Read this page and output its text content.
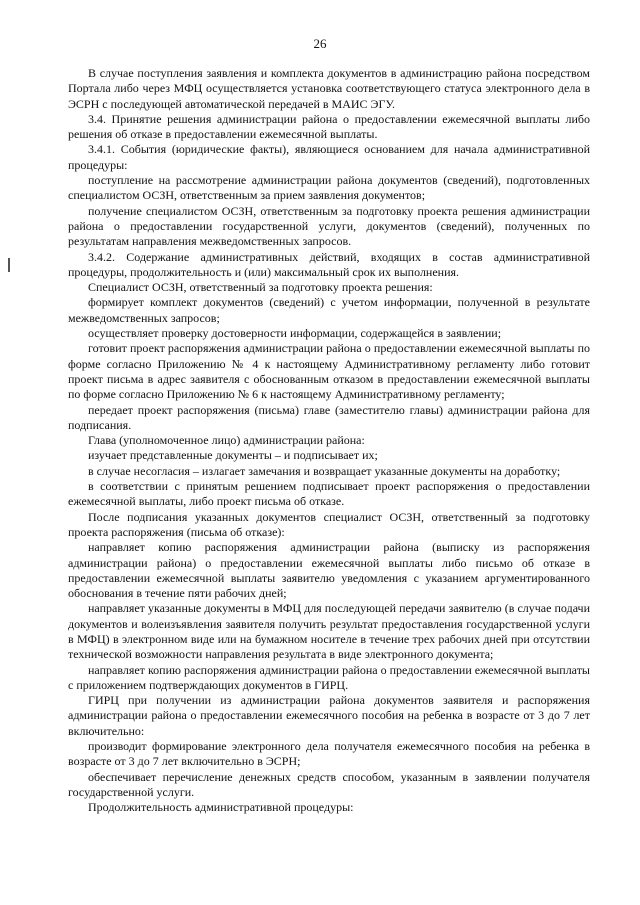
26

В случае поступления заявления и комплекта документов в администрацию района посредством Портала либо через МФЦ осуществляется установка соответствующего статуса электронного дела в ЭСРН с последующей автоматической передачей в МАИС ЭГУ.

3.4. Принятие решения администрации района о предоставлении ежемесячной выплаты либо решения об отказе в предоставлении ежемесячной выплаты.

3.4.1. События (юридические факты), являющиеся основанием для начала административной процедуры:

поступление на рассмотрение администрации района документов (сведений), подготовленных специалистом ОСЗН, ответственным за прием заявления документов;

получение специалистом ОСЗН, ответственным за подготовку проекта решения администрации района о предоставлении государственной услуги, документов (сведений), полученных по результатам направления межведомственных запросов.

3.4.2. Содержание административных действий, входящих в состав административной процедуры, продолжительность и (или) максимальный срок их выполнения.

Специалист ОСЗН, ответственный за подготовку проекта решения:

формирует комплект документов (сведений) с учетом информации, полученной в результате межведомственных запросов;

осуществляет проверку достоверности информации, содержащейся в заявлении;

готовит проект распоряжения администрации района о предоставлении ежемесячной выплаты по форме согласно Приложению № 4 к настоящему Административному регламенту либо готовит проект письма в адрес заявителя с обоснованным отказом в предоставлении ежемесячной выплаты по форме согласно Приложению № 6 к настоящему Административному регламенту;

передает проект распоряжения (письма) главе (заместителю главы) администрации района для подписания.

Глава (уполномоченное лицо) администрации района:

изучает представленные документы – и подписывает их;

в случае несогласия – излагает замечания и возвращает указанные документы на доработку;

в соответствии с принятым решением подписывает проект распоряжения о предоставлении ежемесячной выплаты, либо проект письма об отказе.

После подписания указанных документов специалист ОСЗН, ответственный за подготовку проекта распоряжения (письма об отказе):

направляет копию распоряжения администрации района (выписку из распоряжения администрации района) о предоставлении ежемесячной выплаты либо письмо об отказе в предоставлении ежемесячной выплаты заявителю уведомления с указанием аргументированного обоснования в течение пяти рабочих дней;

направляет указанные документы в МФЦ для последующей передачи заявителю (в случае подачи документов и волеизъявления заявителя получить результат предоставления государственной услуги в МФЦ) в электронном виде или на бумажном носителе в течение трех рабочих дней при отсутствии технической возможности направления результата в виде электронного документа;

направляет копию распоряжения администрации района о предоставлении ежемесячной выплаты с приложением подтверждающих документов в ГИРЦ.

ГИРЦ при получении из администрации района документов заявителя и распоряжения администрации района о предоставлении ежемесячного пособия на ребенка в возрасте от 3 до 7 лет включительно:

производит формирование электронного дела получателя ежемесячного пособия на ребенка в возрасте от 3 до 7 лет включительно в ЭСРН;

обеспечивает перечисление денежных средств способом, указанным в заявлении получателя государственной услуги.

Продолжительность административной процедуры:
